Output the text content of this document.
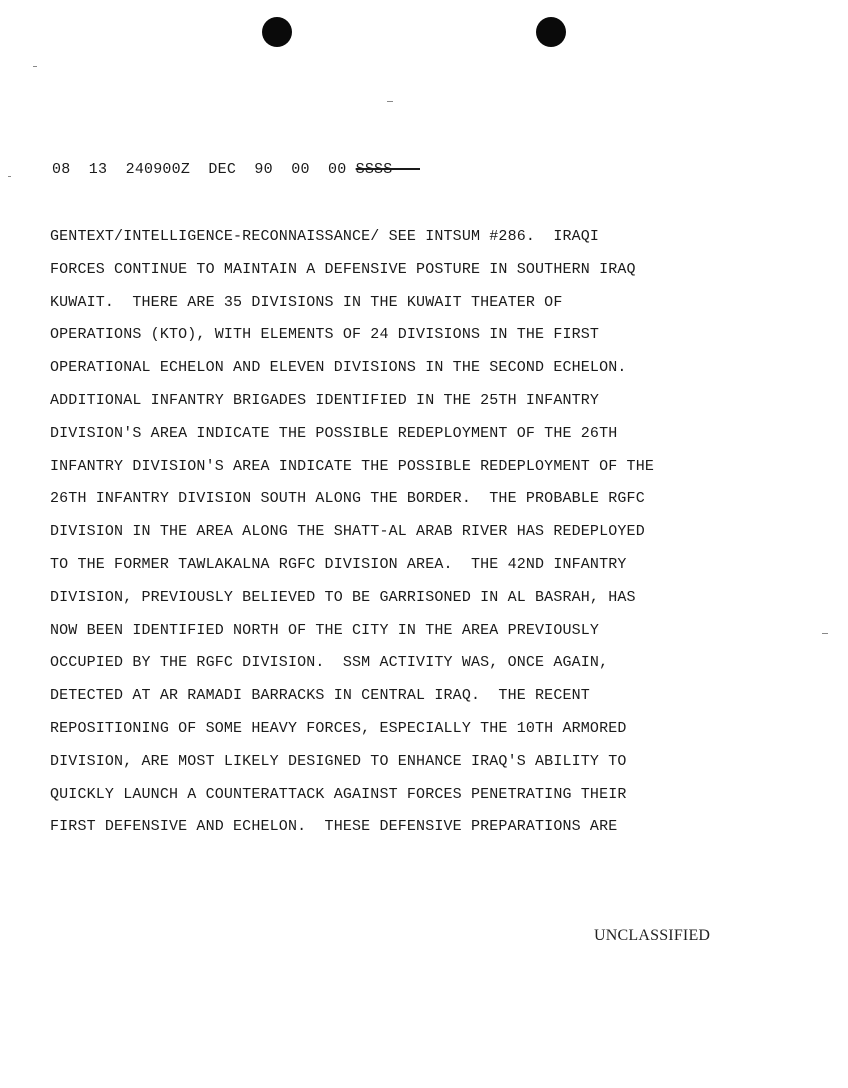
08  13  240900Z  DEC  90  00  00 SSSS
GENTEXT/INTELLIGENCE-RECONNAISSANCE/ SEE INTSUM #286.  IRAQI
FORCES CONTINUE TO MAINTAIN A DEFENSIVE POSTURE IN SOUTHERN IRAQ
KUWAIT.  THERE ARE 35 DIVISIONS IN THE KUWAIT THEATER OF
OPERATIONS (KTO), WITH ELEMENTS OF 24 DIVISIONS IN THE FIRST
OPERATIONAL ECHELON AND ELEVEN DIVISIONS IN THE SECOND ECHELON.
ADDITIONAL INFANTRY BRIGADES IDENTIFIED IN THE 25TH INFANTRY
DIVISION'S AREA INDICATE THE POSSIBLE REDEPLOYMENT OF THE 26TH
INFANTRY DIVISION'S AREA INDICATE THE POSSIBLE REDEPLOYMENT OF THE
26TH INFANTRY DIVISION SOUTH ALONG THE BORDER.  THE PROBABLE RGFC
DIVISION IN THE AREA ALONG THE SHATT-AL ARAB RIVER HAS REDEPLOYED
TO THE FORMER TAWLAKALNA RGFC DIVISION AREA.  THE 42ND INFANTRY
DIVISION, PREVIOUSLY BELIEVED TO BE GARRISONED IN AL BASRAH, HAS
NOW BEEN IDENTIFIED NORTH OF THE CITY IN THE AREA PREVIOUSLY
OCCUPIED BY THE RGFC DIVISION.  SSM ACTIVITY WAS, ONCE AGAIN,
DETECTED AT AR RAMADI BARRACKS IN CENTRAL IRAQ.  THE RECENT
REPOSITIONING OF SOME HEAVY FORCES, ESPECIALLY THE 10TH ARMORED
DIVISION, ARE MOST LIKELY DESIGNED TO ENHANCE IRAQ'S ABILITY TO
QUICKLY LAUNCH A COUNTERATTACK AGAINST FORCES PENETRATING THEIR
FIRST DEFENSIVE AND ECHELON.  THESE DEFENSIVE PREPARATIONS ARE
UNCLASSIFIED
